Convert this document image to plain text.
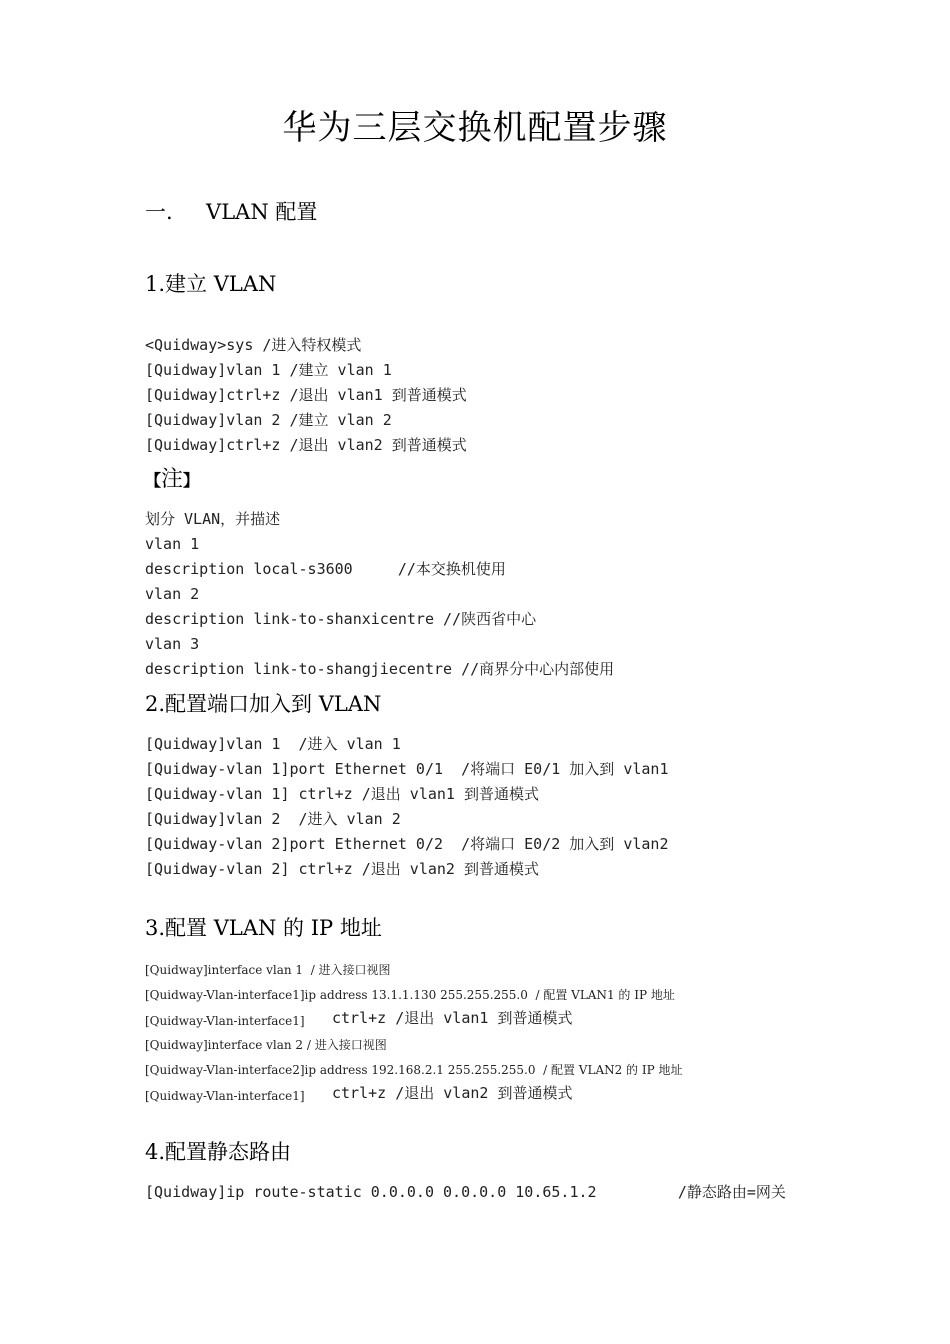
华为三层交换机配置步骤
一.     VLAN 配置
1.建立 VLAN
<Quidway>sys /进入特权模式
[Quidway]vlan 1 /建立 vlan 1
[Quidway]ctrl+z /退出 vlan1 到普通模式
[Quidway]vlan 2 /建立 vlan 2
[Quidway]ctrl+z /退出 vlan2 到普通模式
【注】
划分 VLAN，并描述
vlan 1
description local-s3600     //本交换机使用
vlan 2
description link-to-shanxicentre //陕西省中心
vlan 3
description link-to-shangjiecentre //商界分中心内部使用
2.配置端口加入到 VLAN
[Quidway]vlan 1  /进入 vlan 1
[Quidway-vlan 1]port Ethernet 0/1  /将端口 E0/1 加入到 vlan1
[Quidway-vlan 1] ctrl+z /退出 vlan1 到普通模式
[Quidway]vlan 2  /进入 vlan 2
[Quidway-vlan 2]port Ethernet 0/2  /将端口 E0/2 加入到 vlan2
[Quidway-vlan 2] ctrl+z /退出 vlan2 到普通模式
3.配置 VLAN 的 IP 地址
[Quidway]interface vlan 1  / 进入接口视图
[Quidway-Vlan-interface1]ip address 13.1.1.130 255.255.255.0  / 配置 VLAN1 的 IP 地址
[Quidway-Vlan-interface1] ctrl+z /退出 vlan1 到普通模式
[Quidway]interface vlan 2 / 进入接口视图
[Quidway-Vlan-interface2]ip address 192.168.2.1 255.255.255.0  / 配置 VLAN2 的 IP 地址
[Quidway-Vlan-interface1] ctrl+z /退出 vlan2 到普通模式
4.配置静态路由
[Quidway]ip route-static 0.0.0.0 0.0.0.0 10.65.1.2         /静态路由=网关
